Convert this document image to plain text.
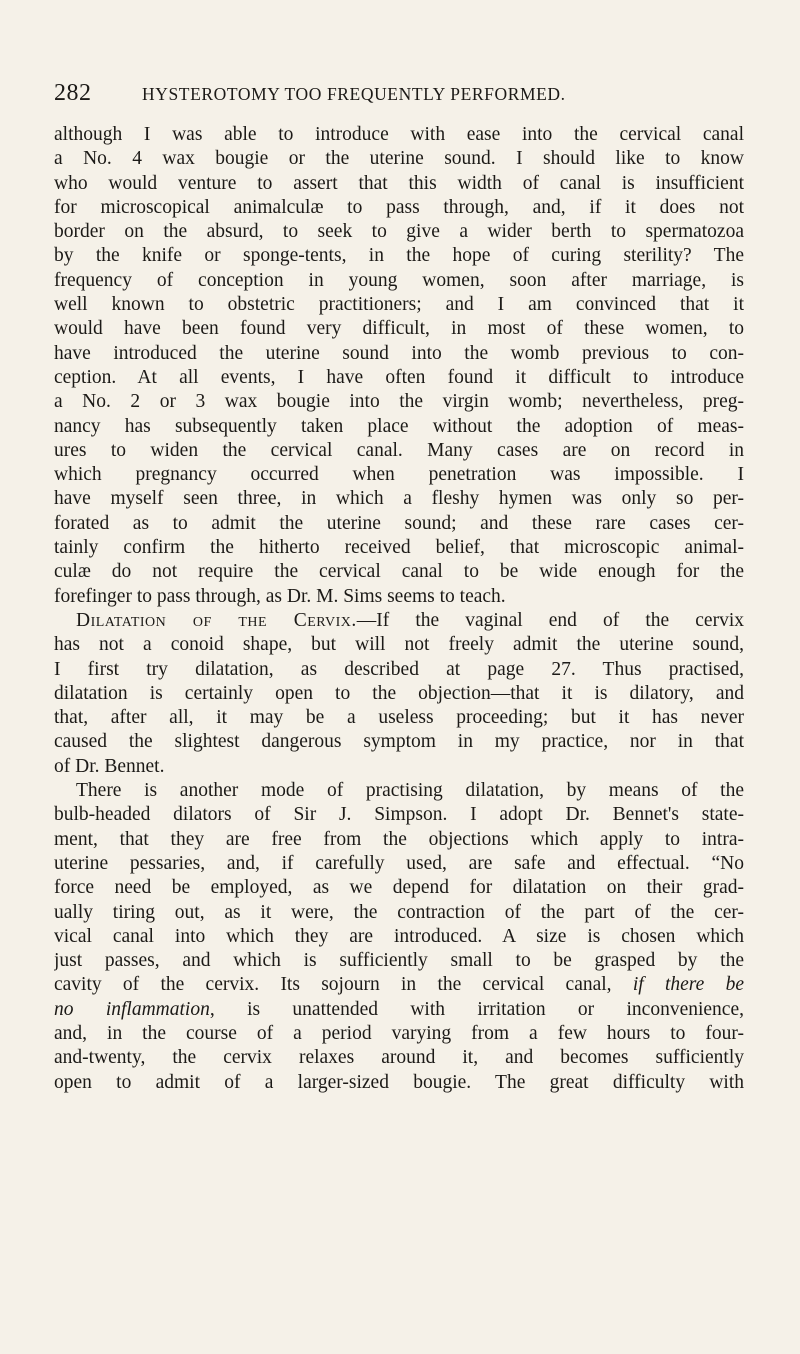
282	HYSTEROTOMY TOO FREQUENTLY PERFORMED.
although I was able to introduce with ease into the cervical canal
a No. 4 wax bougie or the uterine sound. I should like to know
who would venture to assert that this width of canal is insufficient
for microscopical animalculæ to pass through, and, if it does not
border on the absurd, to seek to give a wider berth to spermatozoa
by the knife or sponge-tents, in the hope of curing sterility? The
frequency of conception in young women, soon after marriage, is
well known to obstetric practitioners; and I am convinced that it
would have been found very difficult, in most of these women, to
have introduced the uterine sound into the womb previous to con-
ception. At all events, I have often found it difficult to introduce
a No. 2 or 3 wax bougie into the virgin womb; nevertheless, preg-
nancy has subsequently taken place without the adoption of meas-
ures to widen the cervical canal. Many cases are on record in
which pregnancy occurred when penetration was impossible. I
have myself seen three, in which a fleshy hymen was only so per-
forated as to admit the uterine sound; and these rare cases cer-
tainly confirm the hitherto received belief, that microscopic animal-
culæ do not require the cervical canal to be wide enough for the
forefinger to pass through, as Dr. M. Sims seems to teach.
Dilatation of the Cervix.—If the vaginal end of the cervix
has not a conoid shape, but will not freely admit the uterine sound,
I first try dilatation, as described at page 27. Thus practised,
dilatation is certainly open to the objection—that it is dilatory, and
that, after all, it may be a useless proceeding; but it has never
caused the slightest dangerous symptom in my practice, nor in that
of Dr. Bennet.
There is another mode of practising dilatation, by means of the
bulb-headed dilators of Sir J. Simpson. I adopt Dr. Bennet's state-
ment, that they are free from the objections which apply to intra-
uterine pessaries, and, if carefully used, are safe and effectual. “No
force need be employed, as we depend for dilatation on their grad-
ually tiring out, as it were, the contraction of the part of the cer-
vical canal into which they are introduced. A size is chosen which
just passes, and which is sufficiently small to be grasped by the
cavity of the cervix. Its sojourn in the cervical canal, if there be
no inflammation, is unattended with irritation or inconvenience,
and, in the course of a period varying from a few hours to four-
and-twenty, the cervix relaxes around it, and becomes sufficiently
open to admit of a larger-sized bougie. The great difficulty with
